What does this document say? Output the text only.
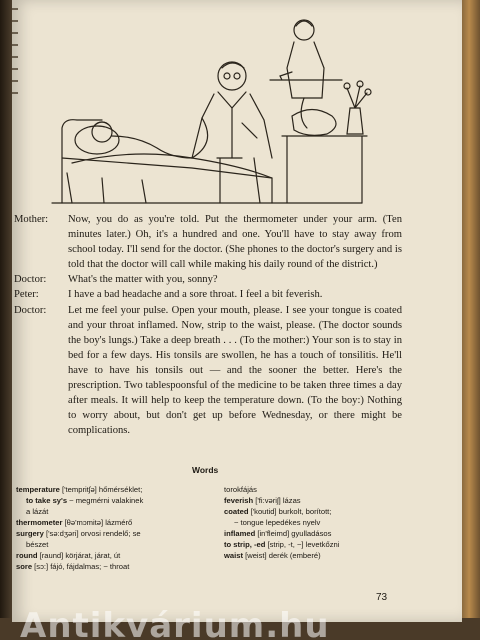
Mother:	Now, you do as you're told. Put the thermometer under your arm. (Ten minutes later.) Oh, it's a hundred and one. You'll have to stay away from school today. I'll send for the doctor. (She phones to the doctor's surgery and is told that the doctor will call while making his daily round of the district.)
Doctor:	What's the matter with you, sonny?
Peter:	I have a bad headache and a sore throat. I feel a bit feverish.
Doctor:	Let me feel your pulse. Open your mouth, please. I see your tongue is coated and your throat inflamed. Now, strip to the waist, please. (The doctor sounds the boy's lungs.) Take a deep breath . . . (To the mother:) Your son is to stay in bed for a few days. His tonsils are swollen, he has a touch of tonsilitis. He'll have to have his tonsils out — and the sooner the better. Here's the prescription. Two tablespoonsful of the medicine to be taken three times a day after meals. It will help to keep the temperature down. (To the boy:) Nothing to worry about, but don't get up before Wednesday, or there might be complications.
Words
temperature ['tempritʃə] hőmérséklet;
to take sy's ~ megmérni valakinek
a lázát
thermometer [θə'mɔmitə] lázmérő
surgery ['sə:dʒəri] orvosi rendelő; se
bészet
round [raund] körjárat, járat, út
sore [sɔ:] fájó, fájdalmas; ~ throat
torokfájás
feverish ['fi:vəriʃ] lázas
coated ['koutid] burkolt, borított;
~ tongue lepedékes nyelv
inflamed [in'fleimd] gyulladásos
to strip, -ed [strip, -t, ~] levetkőzni
waist [weist] derék (emberé)
73
Antikvárium.hu
